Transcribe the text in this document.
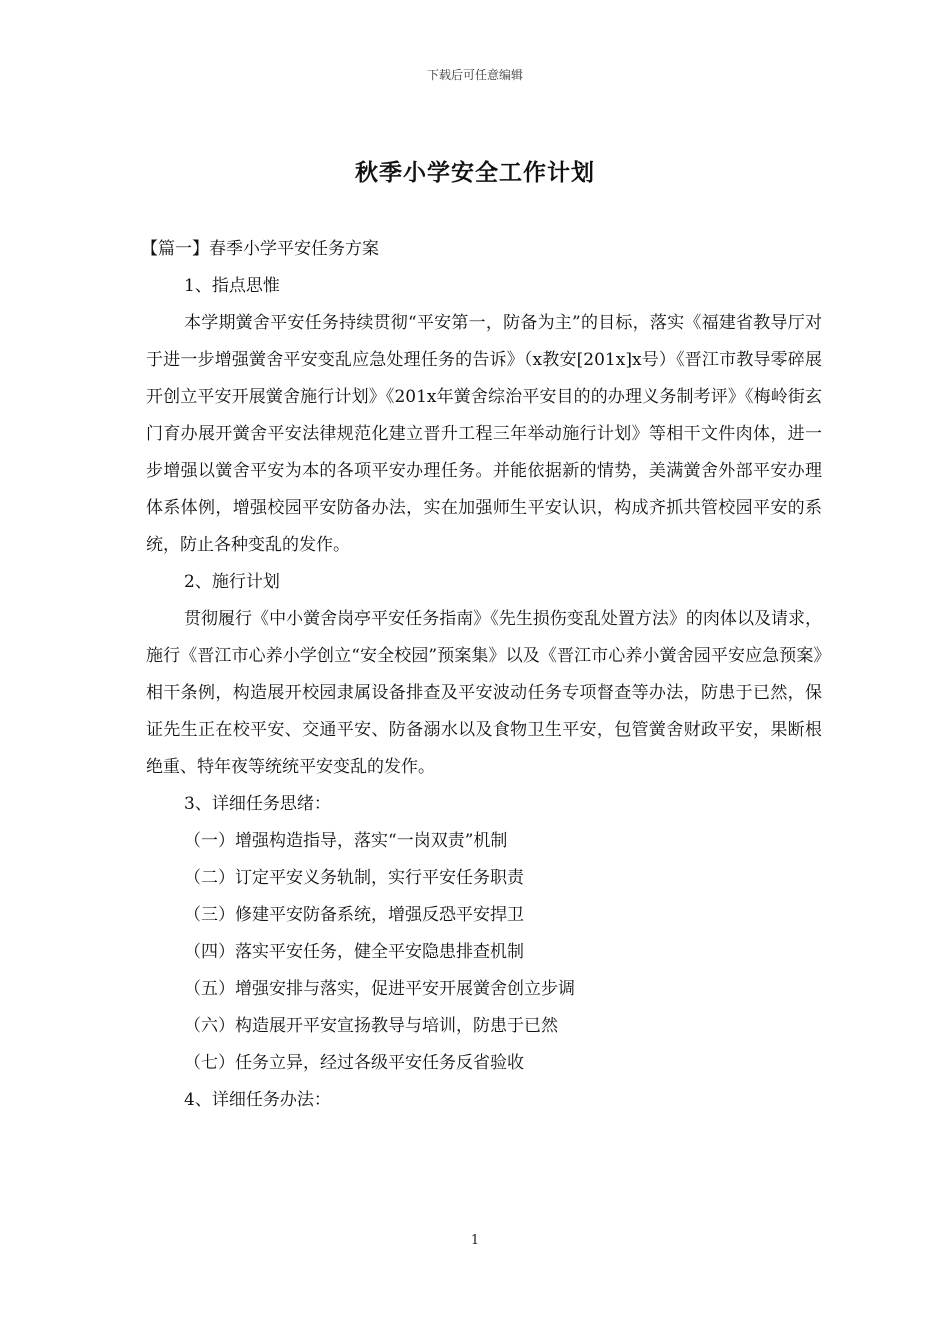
下载后可任意编辑
秋季小学安全工作计划

【篇一】春季小学平安任务方案

1、指点思惟

本学期黉舍平安任务持续贯彻“平安第一，防备为主”的目标，落实《福建省教导厅对于进一步增强黉舍平安变乱应急处理任务的告诉》（x教安[201x]x号）《晋江市教导零碎展开创立平安开展黉舍施行计划》《201x年黉舍综治平安目的的办理义务制考评》《梅岭街玄门育办展开黉舍平安法律规范化建立晋升工程三年举动施行计划》等相干文件肉体，进一步增强以黉舍平安为本的各项平安办理任务。并能依据新的情势，美满黉舍外部平安办理体系体例，增强校园平安防备办法，实在加强师生平安认识，构成齐抓共管校园平安的系统，防止各种变乱的发作。

2、施行计划

贯彻履行《中小黉舍岗亭平安任务指南》《先生损伤变乱处置方法》的肉体以及请求，施行《晋江市心养小学创立“安全校园”预案集》以及《晋江市心养小黉舍园平安应急预案》相干条例，构造展开校园隶属设备排查及平安波动任务专项督查等办法，防患于已然，保证先生正在校平安、交通平安、防备溺水以及食物卫生平安，包管黉舍财政平安，果断根绝重、特年夜等统统平安变乱的发作。

3、详细任务思绪：

（一）增强构造指导，落实“一岗双责”机制

（二）订定平安义务轨制，实行平安任务职责

（三）修建平安防备系统，增强反恐平安捍卫

（四）落实平安任务，健全平安隐患排查机制

（五）增强安排与落实，促进平安开展黉舍创立步调

（六）构造展开平安宣扬教导与培训，防患于已然

（七）任务立异，经过各级平安任务反省验收

4、详细任务办法：

1
